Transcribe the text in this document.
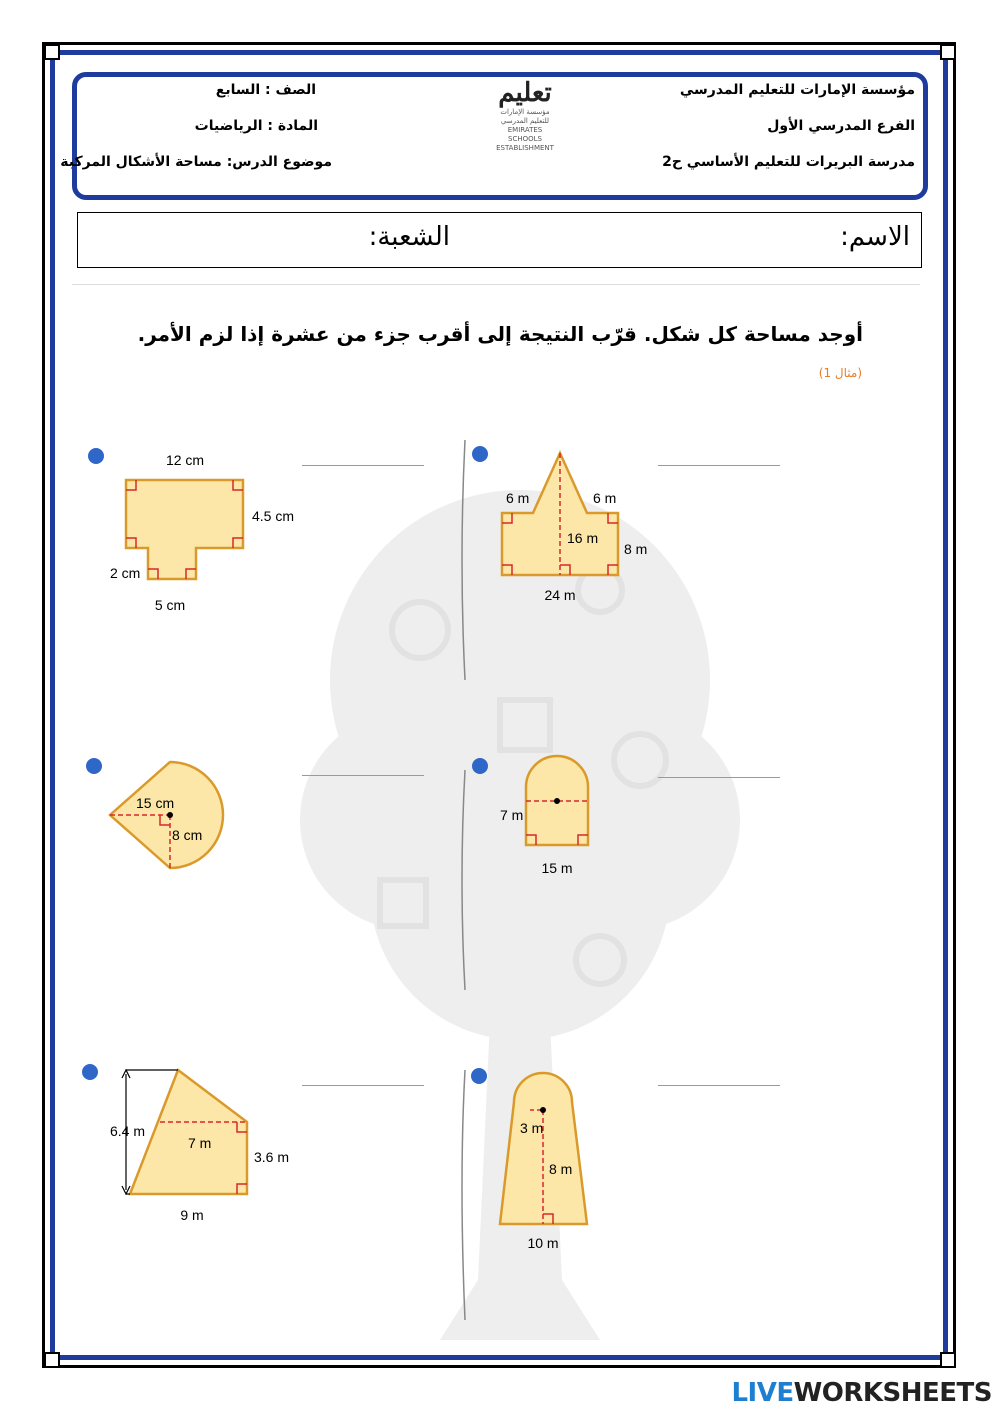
مؤسسة الإمارات للتعليم المدرسي
الفرع المدرسي الأول
مدرسة البريرات للتعليم الأساسي ح2
الصف : السابع
المادة : الرياضيات
موضوع الدرس: مساحة الأشكال المركبة
تعليم
مؤسسة الإمارات
للتعليم المدرسي
EMIRATES SCHOOLS
ESTABLISHMENT
الاسم:
الشعبة:
أوجد مساحة كل شكل. قرّب النتيجة إلى أقرب جزء من عشرة إذا لزم الأمر.
(مثال 1)
12 cm
4.5 cm
2 cm
5 cm
6 m	6 m
16 m
8 m
24 m
15 cm
8 cm
7 m
15 m
6.4 m
7 m
3.6 m
9 m
3 m
8 m
10 m
LIVEWORKSHEETS
